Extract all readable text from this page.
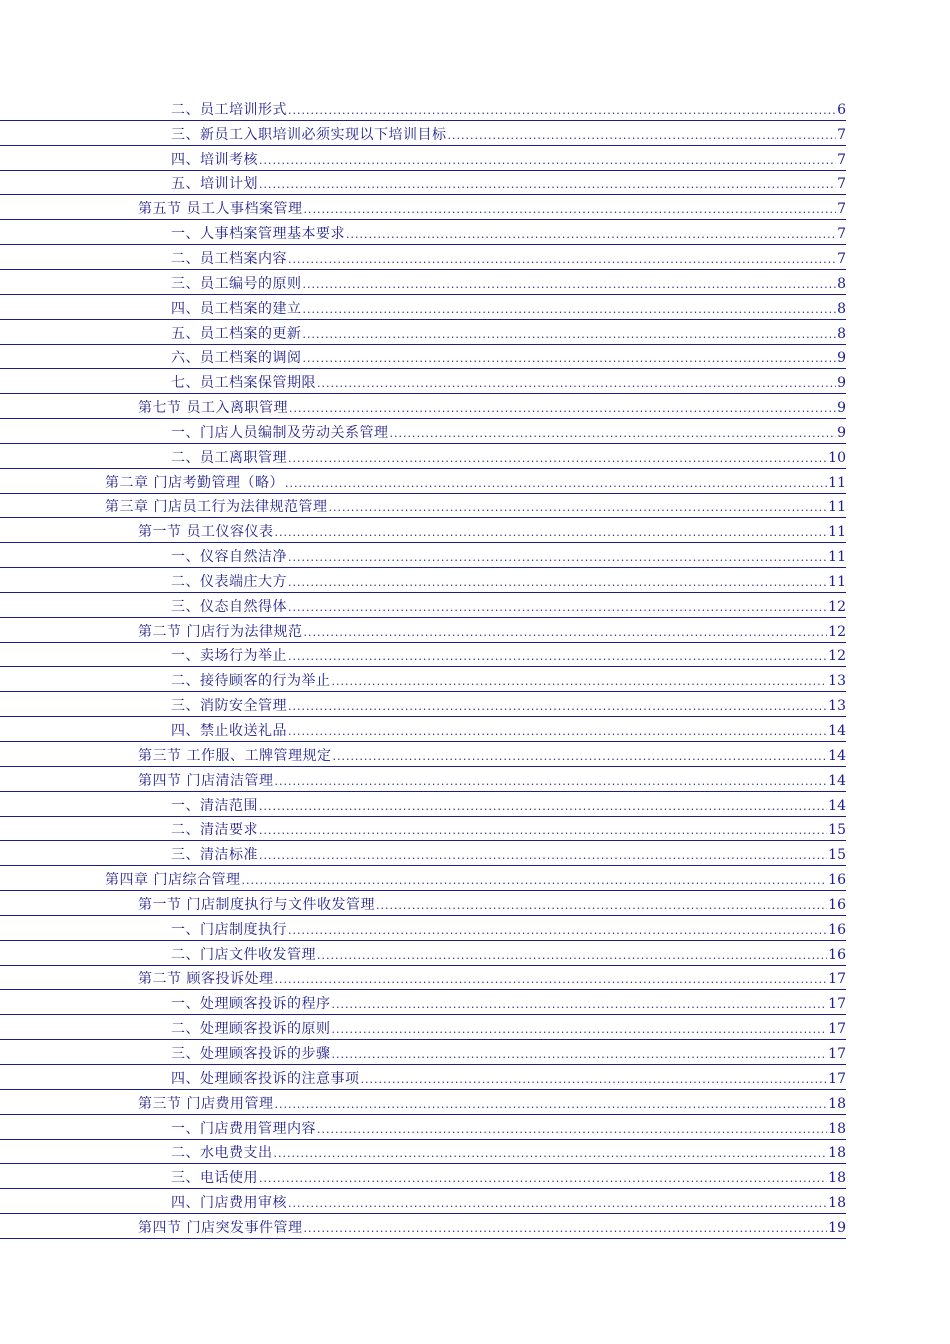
二、员工培训形式 .....	6
三、新员工入职培训必须实现以下培训目标 .....	7
四、培训考核 .....	7
五、培训计划 .....	7
第五节 员工人事档案管理 .....	7
一、人事档案管理基本要求 .....	7
二、员工档案内容 .....	7
三、员工编号的原则 .....	8
四、员工档案的建立 .....	8
五、员工档案的更新 .....	8
六、员工档案的调阅 .....	9
七、员工档案保管期限 .....	9
第七节 员工入离职管理 .....	9
一、门店人员编制及劳动关系管理 .....	9
二、员工离职管理 .....	10
第二章 门店考勤管理（略） .....	11
第三章 门店员工行为法律规范管理 .....	11
第一节 员工仪容仪表 .....	11
一、仪容自然洁净 .....	11
二、仪表端庄大方 .....	11
三、仪态自然得体 .....	12
第二节 门店行为法律规范 .....	12
一、卖场行为举止 .....	12
二、接待顾客的行为举止 .....	13
三、消防安全管理 .....	13
四、禁止收送礼品 .....	14
第三节 工作服、工牌管理规定 .....	14
第四节 门店清洁管理 .....	14
一、清洁范围 .....	14
二、清洁要求 .....	15
三、清洁标准 .....	15
第四章 门店综合管理 .....	16
第一节 门店制度执行与文件收发管理 .....	16
一、门店制度执行 .....	16
二、门店文件收发管理 .....	16
第二节 顾客投诉处理 .....	17
一、处理顾客投诉的程序 .....	17
二、处理顾客投诉的原则 .....	17
三、处理顾客投诉的步骤 .....	17
四、处理顾客投诉的注意事项 .....	17
第三节 门店费用管理 .....	18
一、门店费用管理内容 .....	18
二、水电费支出 .....	18
三、电话使用 .....	18
四、门店费用审核 .....	18
第四节 门店突发事件管理 .....	19
